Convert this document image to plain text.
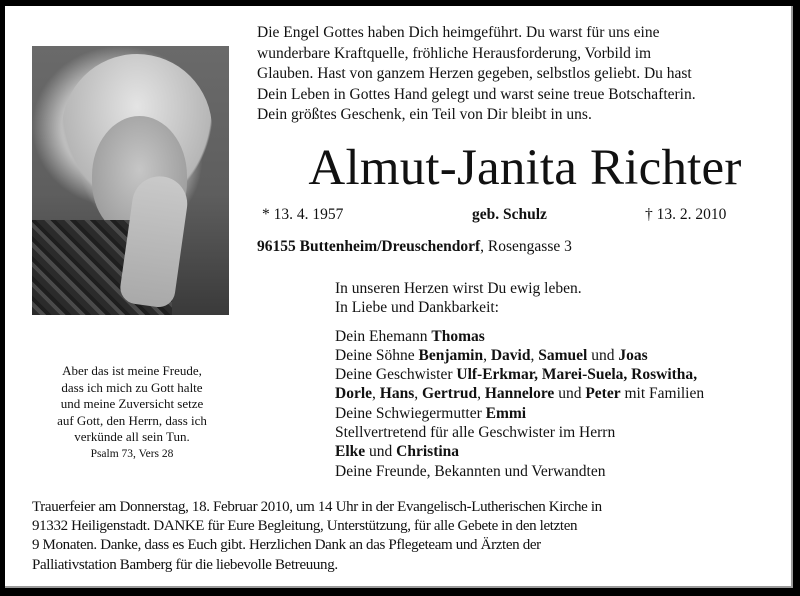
Die Engel Gottes haben Dich heimgeführt. Du warst für uns eine
wunderbare Kraftquelle, fröhliche Herausforderung, Vorbild im
Glauben. Hast von ganzem Herzen gegeben, selbstlos geliebt. Du hast
Dein Leben in Gottes Hand gelegt und warst seine treue Botschafterin.
Dein größtes Geschenk, ein Teil von Dir bleibt in uns.
Almut-Janita Richter
* 13. 4. 1957	geb. Schulz	† 13. 2. 2010
96155 Buttenheim/Dreuschendorf, Rosengasse 3
In unseren Herzen wirst Du ewig leben.
In Liebe und Dankbarkeit:
Dein Ehemann Thomas
Deine Söhne Benjamin, David, Samuel und Joas
Deine Geschwister Ulf-Erkmar, Marei-Suela, Roswitha,
Dorle, Hans, Gertrud, Hannelore und Peter mit Familien
Deine Schwiegermutter Emmi
Stellvertretend für alle Geschwister im Herrn
Elke und Christina
Deine Freunde, Bekannten und Verwandten
Aber das ist meine Freude,
dass ich mich zu Gott halte
und meine Zuversicht setze
auf Gott, den Herrn, dass ich
verkünde all sein Tun.
Psalm 73, Vers 28
Trauerfeier am Donnerstag, 18. Februar 2010, um 14 Uhr in der Evangelisch-Lutherischen Kirche in
91332 Heiligenstadt. DANKE für Eure Begleitung, Unterstützung, für alle Gebete in den letzten
9 Monaten. Danke, dass es Euch gibt. Herzlichen Dank an das Pflegeteam und Ärzten der
Palliativstation Bamberg für die liebevolle Betreuung.
